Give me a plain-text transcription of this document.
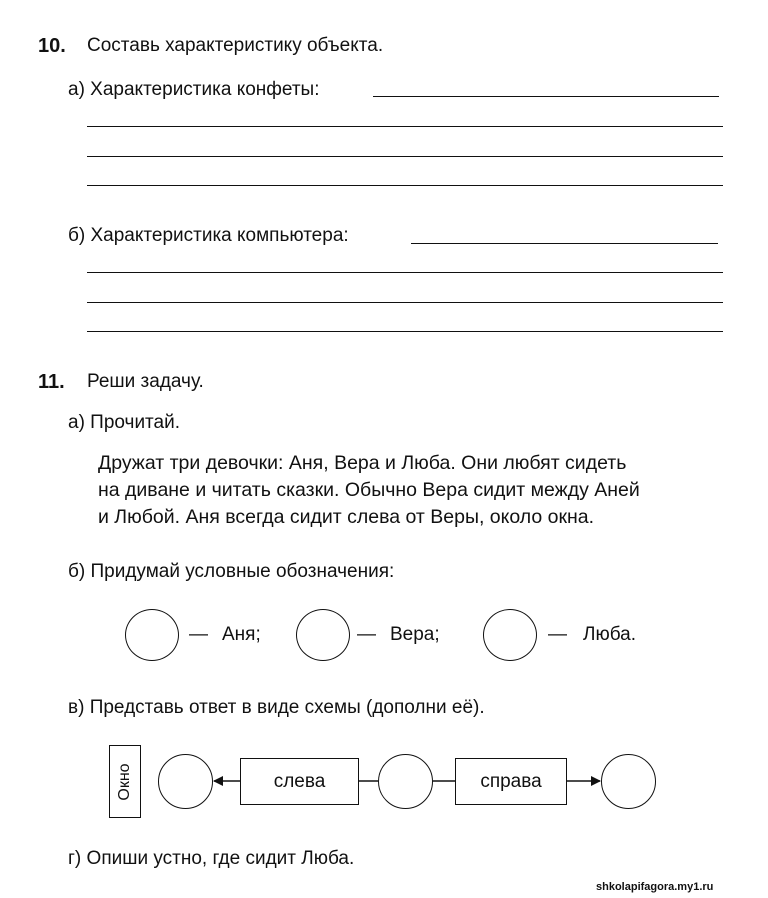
10. Составь характеристику объекта.
а) Характеристика конфеты:
б) Характеристика компьютера:
11. Реши задачу.
а) Прочитай.
Дружат три девочки: Аня, Вера и Люба. Они любят сидеть
на диване и читать сказки. Обычно Вера сидит между Аней
и Любой. Аня всегда сидит слева от Веры, около окна.
б) Придумай условные обозначения:
— Аня;	— Вера;	— Люба.
в) Представь ответ в виде схемы (дополни её).
Окно	слева	справа
г) Опиши устно, где сидит Люба.
shkolapifagora.my1.ru
